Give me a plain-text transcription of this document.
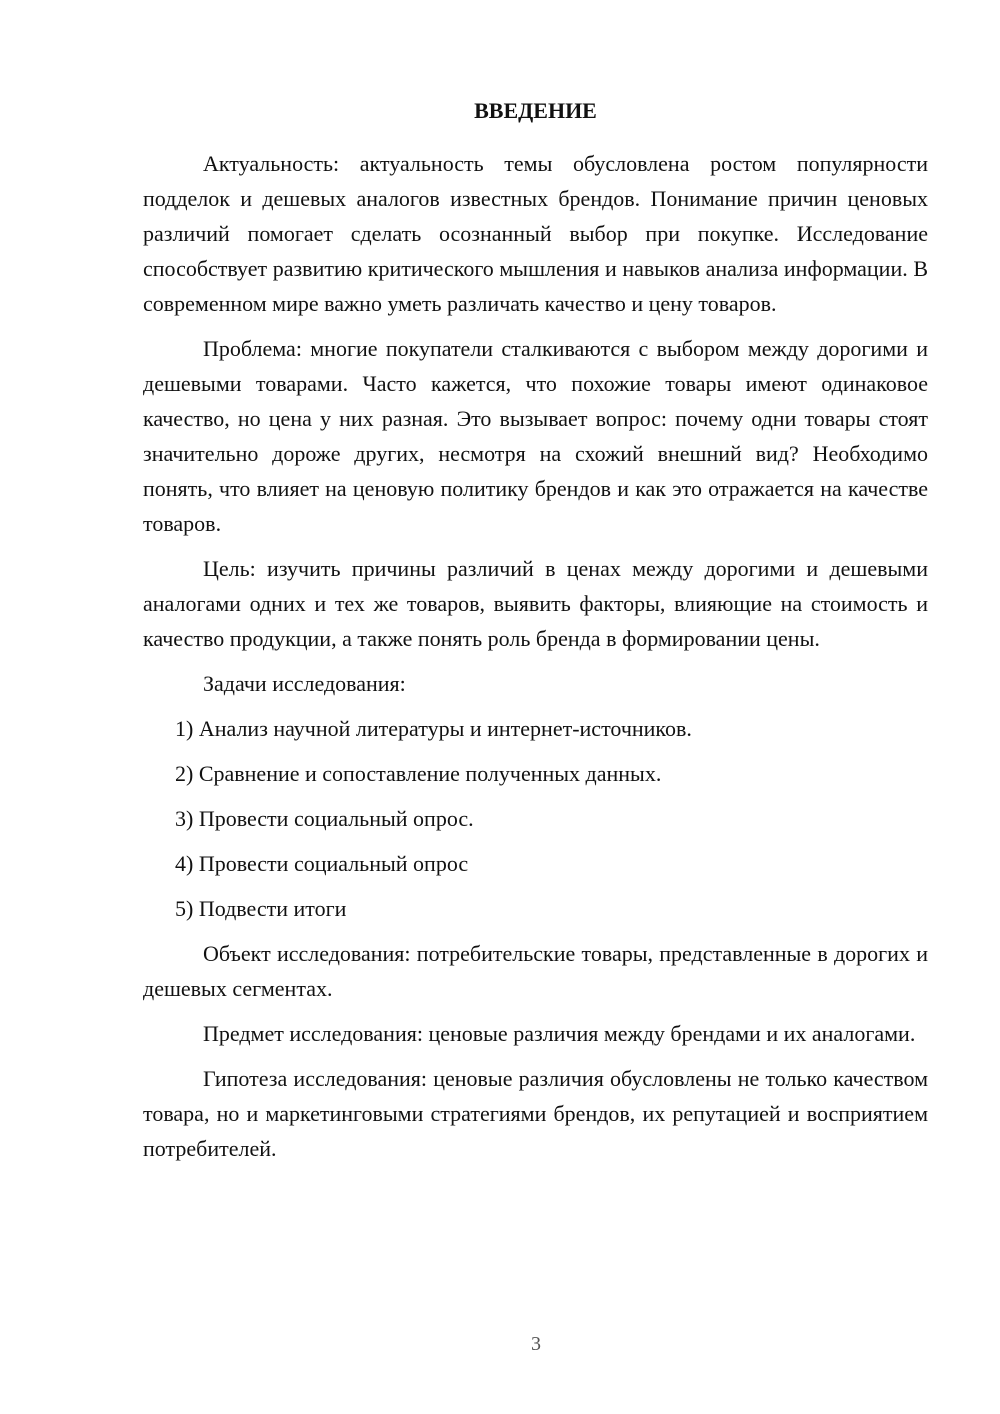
ВВЕДЕНИЕ

Актуальность: актуальность темы обусловлена ростом популярности подделок и дешевых аналогов известных брендов. Понимание причин ценовых различий помогает сделать осознанный выбор при покупке. Исследование способствует развитию критического мышления и навыков анализа информации. В современном мире важно уметь различать качество и цену товаров.

Проблема: многие покупатели сталкиваются с выбором между дорогими и дешевыми товарами. Часто кажется, что похожие товары имеют одинаковое качество, но цена у них разная. Это вызывает вопрос: почему одни товары стоят значительно дороже других, несмотря на схожий внешний вид? Необходимо понять, что влияет на ценовую политику брендов и как это отражается на качестве товаров.

Цель: изучить причины различий в ценах между дорогими и дешевыми аналогами одних и тех же товаров, выявить факторы, влияющие на стоимость и качество продукции, а также понять роль бренда в формировании цены.

Задачи исследования:

1) Анализ научной литературы и интернет-источников.

2) Сравнение и сопоставление полученных данных.

3) Провести социальный опрос.

4) Провести социальный опрос

5) Подвести итоги

Объект исследования: потребительские товары, представленные в дорогих и дешевых сегментах.

Предмет исследования: ценовые различия между брендами и их аналогами.

Гипотеза исследования: ценовые различия обусловлены не только качеством товара, но и маркетинговыми стратегиями брендов, их репутацией и восприятием потребителей.

3
